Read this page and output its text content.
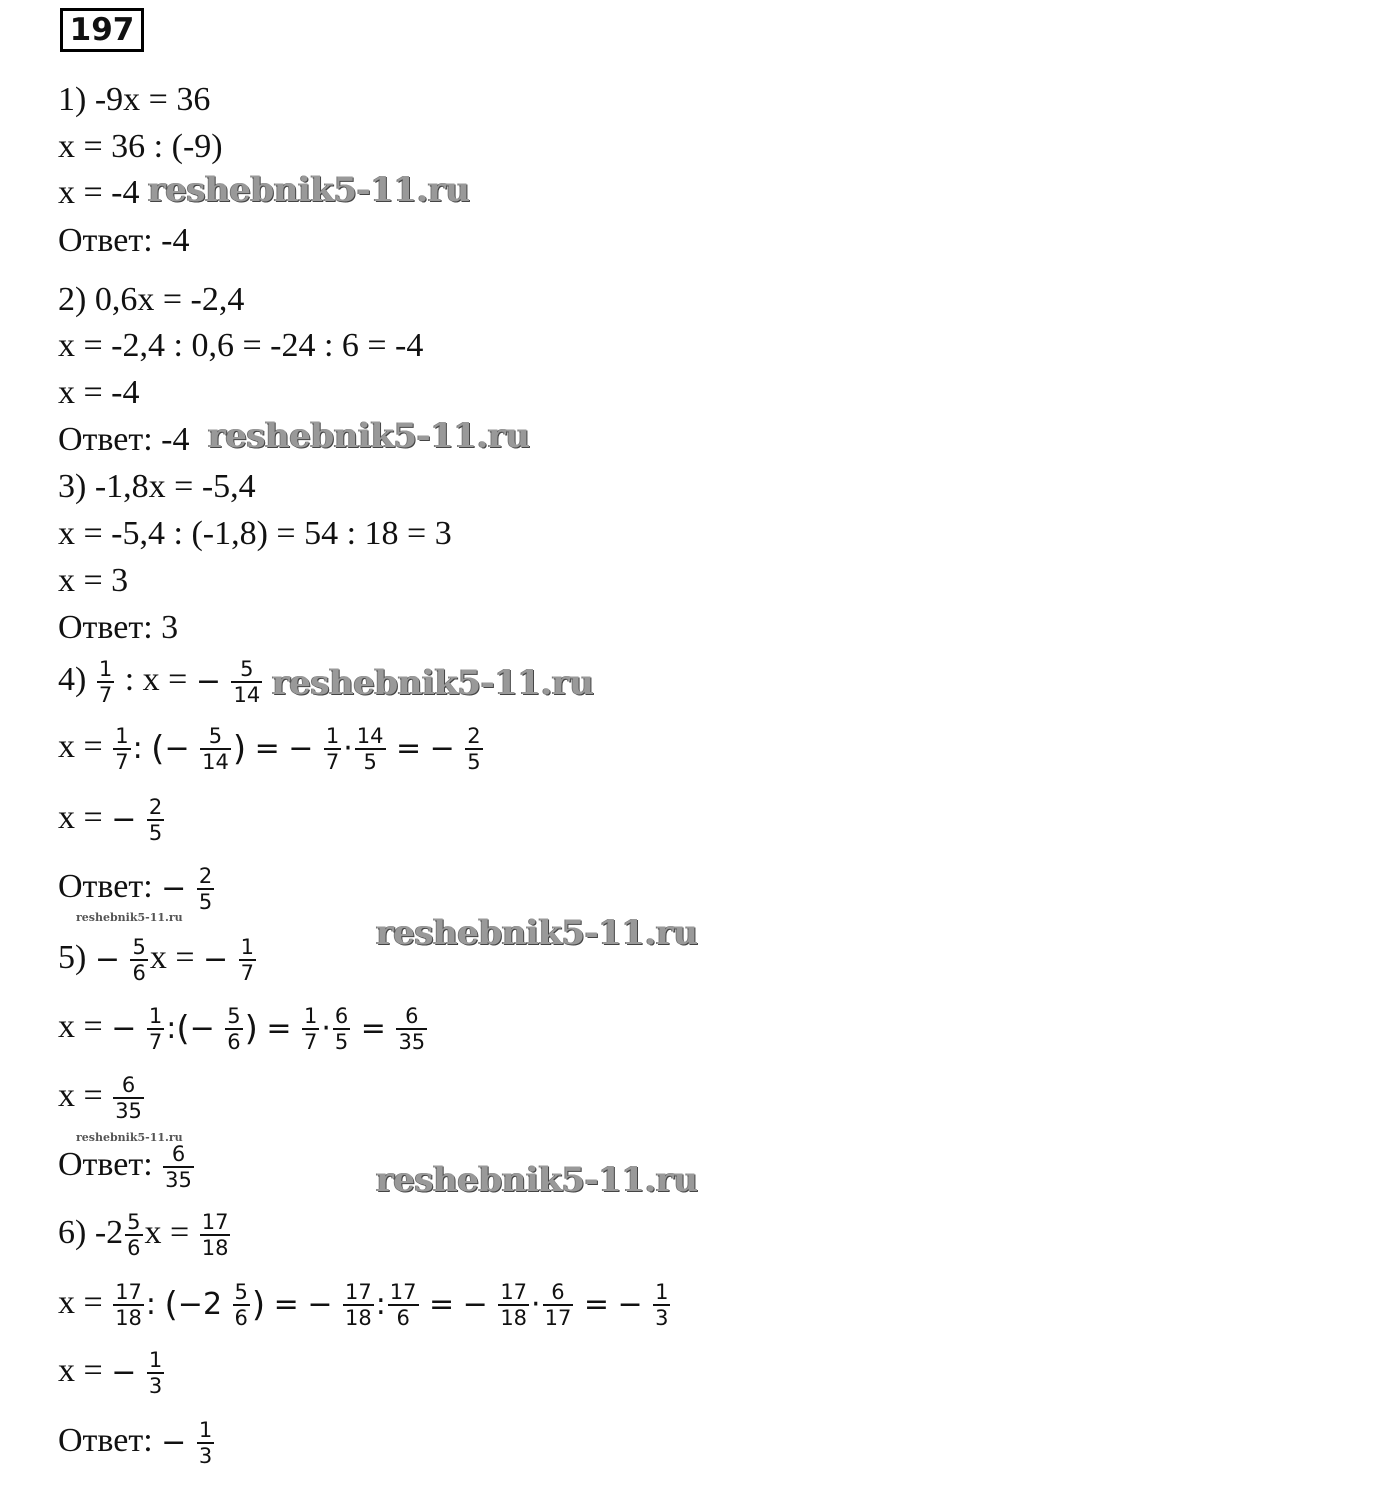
197
1) -9x = 36
x = 36 : (-9)
x = -4 reshebnik5-11.ru
Ответ: -4
2) 0,6x = -2,4
x = -2,4 : 0,6 = -24 : 6 = -4
x = -4
Ответ: -4 reshebnik5-11.ru
3) -1,8x = -5,4
x = -5,4 : (-1,8) = 54 : 18 = 3
x = 3
Ответ: 3
$4) \frac{1}{7}$ : x = − $\frac{5}{14}$ reshebnik5-11.ru
$x = \frac{1}{7}$ : (− $\frac{5}{14}$ ) = − $\frac{1}{7} \cdot \frac{14}{5}$ = − $\frac{2}{5}$
x = − $\frac{2}{5}$
Ответ: − $\frac{2}{5}$
reshebnik5-11.ru	reshebnik5-11.ru
$5) - \frac{5}{6}$ x = − $\frac{1}{7}$
x = − $\frac{1}{7}$ :(− $\frac{5}{6}$ ) = $\frac{1}{7} \cdot \frac{6}{5} = \frac{6}{35}$
$x = \frac{6}{35}$
reshebnik5-11.ru
Ответ: $\frac{6}{35}$	reshebnik5-11.ru
6) $-2 \frac{5}{6}$ $x = \frac{17}{18}$
$x = \frac{17}{18}$ : ($-2 \frac{5}{6}$ ) = − $\frac{17}{18}$ : $\frac{17}{6}$ = − $\frac{17}{18} \cdot \frac{6}{17}$ = − $\frac{1}{3}$
x = − $\frac{1}{3}$
Ответ: − $\frac{1}{3}$
